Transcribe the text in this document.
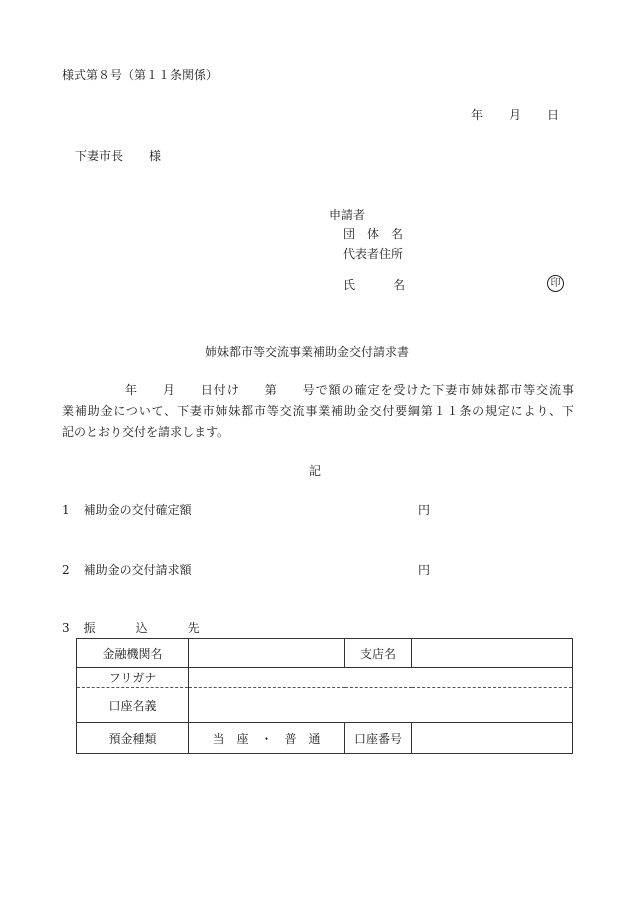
様式第８号（第１１条関係）
年 月 日
下妻市長 様
申請者
団　体　名
代表者住所
氏	名	印
姉妹都市等交流事業補助金交付請求書
年 月 日付け 第 号で額の確定を受けた下妻市姉妹都市等交流事
業補助金について、下妻市姉妹都市等交流事業補助金交付要綱第１１条の規定により、下
記のとおり交付を請求します。
記
1 補助金の交付確定額	円
2 補助金の交付請求額	円
3 振	込	先
金融機関名		支店名	
フリガナ			
口座名義			
預金種類	当　座　・　普　通	口座番号	
